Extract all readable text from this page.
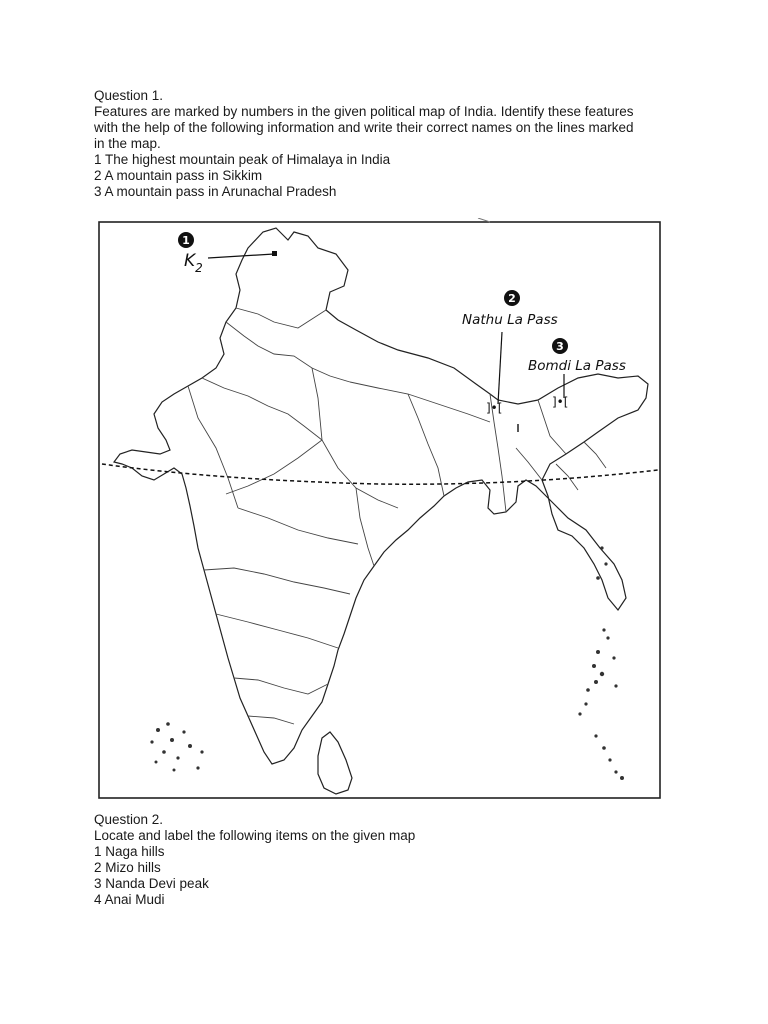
Question 1.

Features are marked by numbers in the given political map of India. Identify these features

with the help of the following information and write their correct names on the lines marked

in the map.

1 The highest mountain peak of Himalaya in India

2 A mountain pass in Sikkim

3 A mountain pass in Arunachal Pradesh

1
$K_2$
2
Nathu La Pass
]•[
3
Bomdi La Pass
]•[

Question 2.

Locate and label the following items on the given map

1 Naga hills

2 Mizo hills

3 Nanda Devi peak

4 Anai Mudi
